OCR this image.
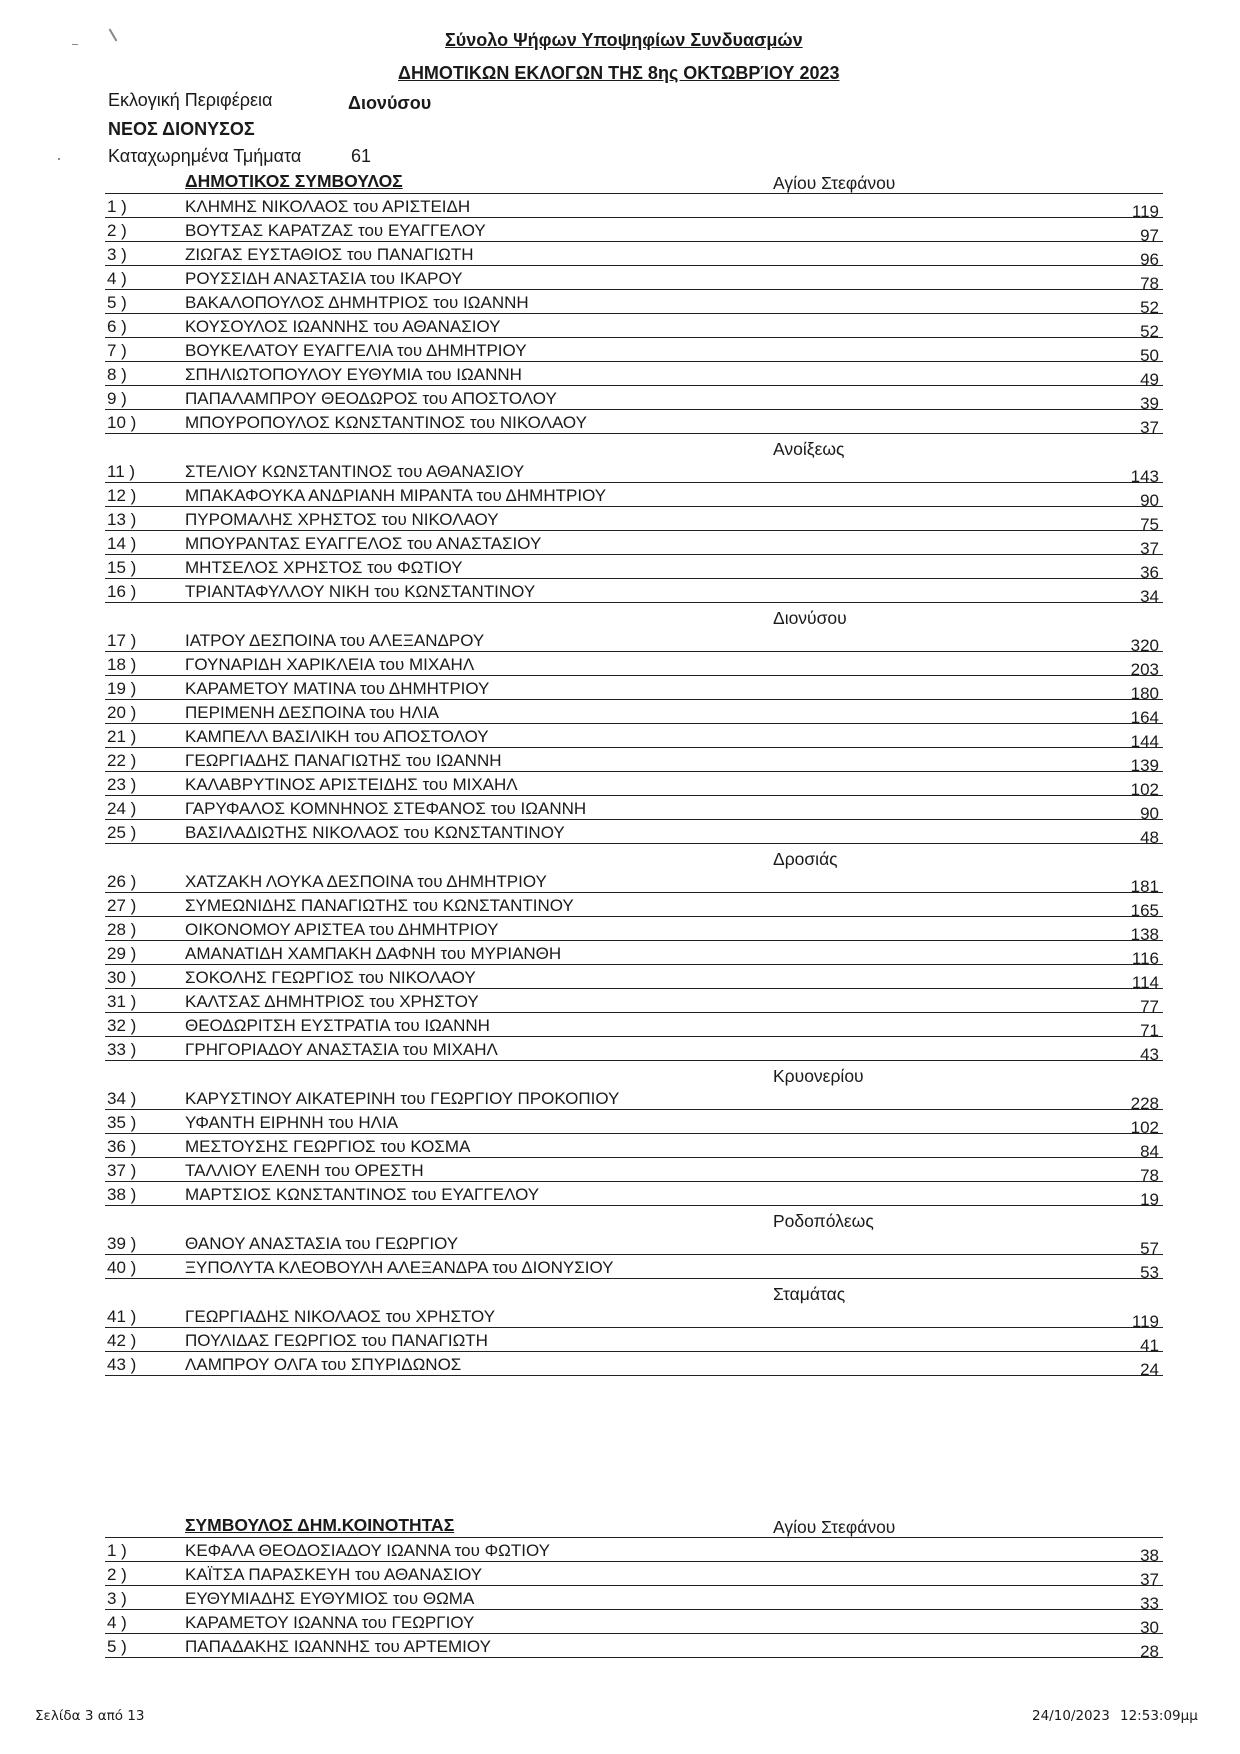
Σύνολο Ψήφων Υποψηφίων Συνδυασμών
ΔΗΜΟΤΙΚΩΝ ΕΚΛΟΓΩΝ ΤΗΣ 8ης ΟΚΤΩΒΡΊΟΥ 2023
Εκλογική Περιφέρεια	Διονύσου
ΝΕΟΣ ΔΙΟΝΥΣΟΣ
Καταχωρημένα Τμήματα	61
ΔΗΜΟΤΙΚΟΣ ΣΥΜΒΟΥΛΟΣ	Αγίου Στεφάνου
1 )	ΚΛΗΜΗΣ ΝΙΚΟΛΑΟΣ του ΑΡΙΣΤΕΙΔΗ	119
2 )	ΒΟΥΤΣΑΣ ΚΑΡΑΤΖΑΣ του ΕΥΑΓΓΕΛΟΥ	97
3 )	ΖΙΩΓΑΣ ΕΥΣΤΑΘΙΟΣ του ΠΑΝΑΓΙΩΤΗ	96
4 )	ΡΟΥΣΣΙΔΗ ΑΝΑΣΤΑΣΙΑ του ΙΚΑΡΟΥ	78
5 )	ΒΑΚΑΛΟΠΟΥΛΟΣ ΔΗΜΗΤΡΙΟΣ του ΙΩΑΝΝΗ	52
6 )	ΚΟΥΣΟΥΛΟΣ ΙΩΑΝΝΗΣ του ΑΘΑΝΑΣΙΟΥ	52
7 )	ΒΟΥΚΕΛΑΤΟΥ ΕΥΑΓΓΕΛΙΑ του ΔΗΜΗΤΡΙΟΥ	50
8 )	ΣΠΗΛΙΩΤΟΠΟΥΛΟΥ ΕΥΘΥΜΙΑ του ΙΩΑΝΝΗ	49
9 )	ΠΑΠΑΛΑΜΠΡΟΥ ΘΕΟΔΩΡΟΣ του ΑΠΟΣΤΟΛΟΥ	39
10 )	ΜΠΟΥΡΟΠΟΥΛΟΣ ΚΩΝΣΤΑΝΤΙΝΟΣ του ΝΙΚΟΛΑΟΥ	37
Ανοίξεως
11 )	ΣΤΕΛΙΟΥ ΚΩΝΣΤΑΝΤΙΝΟΣ του ΑΘΑΝΑΣΙΟΥ	143
12 )	ΜΠΑΚΑΦΟΥΚΑ ΑΝΔΡΙΑΝΗ ΜΙΡΑΝΤΑ του ΔΗΜΗΤΡΙΟΥ	90
13 )	ΠΥΡΟΜΑΛΗΣ ΧΡΗΣΤΟΣ του ΝΙΚΟΛΑΟΥ	75
14 )	ΜΠΟΥΡΑΝΤΑΣ ΕΥΑΓΓΕΛΟΣ του ΑΝΑΣΤΑΣΙΟΥ	37
15 )	ΜΗΤΣΕΛΟΣ ΧΡΗΣΤΟΣ του ΦΩΤΙΟΥ	36
16 )	ΤΡΙΑΝΤΑΦΥΛΛΟΥ ΝΙΚΗ του ΚΩΝΣΤΑΝΤΙΝΟΥ	34
Διονύσου
17 )	ΙΑΤΡΟΥ ΔΕΣΠΟΙΝΑ του ΑΛΕΞΑΝΔΡΟΥ	320
18 )	ΓΟΥΝΑΡΙΔΗ ΧΑΡΙΚΛΕΙΑ του ΜΙΧΑΗΛ	203
19 )	ΚΑΡΑΜΕΤΟΥ ΜΑΤΙΝΑ του ΔΗΜΗΤΡΙΟΥ	180
20 )	ΠΕΡΙΜΕΝΗ ΔΕΣΠΟΙΝΑ του ΗΛΙΑ	164
21 )	ΚΑΜΠΕΛΛ ΒΑΣΙΛΙΚΗ του ΑΠΟΣΤΟΛΟΥ	144
22 )	ΓΕΩΡΓΙΑΔΗΣ ΠΑΝΑΓΙΩΤΗΣ του ΙΩΑΝΝΗ	139
23 )	ΚΑΛΑΒΡΥΤΙΝΟΣ ΑΡΙΣΤΕΙΔΗΣ του ΜΙΧΑΗΛ	102
24 )	ΓΑΡΥΦΑΛΟΣ ΚΟΜΝΗΝΟΣ ΣΤΕΦΑΝΟΣ του ΙΩΑΝΝΗ	90
25 )	ΒΑΣΙΛΑΔΙΩΤΗΣ ΝΙΚΟΛΑΟΣ του ΚΩΝΣΤΑΝΤΙΝΟΥ	48
Δροσιάς
26 )	ΧΑΤΖΑΚΗ ΛΟΥΚΑ ΔΕΣΠΟΙΝΑ του ΔΗΜΗΤΡΙΟΥ	181
27 )	ΣΥΜΕΩΝΙΔΗΣ ΠΑΝΑΓΙΩΤΗΣ του ΚΩΝΣΤΑΝΤΙΝΟΥ	165
28 )	ΟΙΚΟΝΟΜΟΥ ΑΡΙΣΤΕΑ του ΔΗΜΗΤΡΙΟΥ	138
29 )	ΑΜΑΝΑΤΙΔΗ ΧΑΜΠΑΚΗ ΔΑΦΝΗ του ΜΥΡΙΑΝΘΗ	116
30 )	ΣΟΚΟΛΗΣ ΓΕΩΡΓΙΟΣ του ΝΙΚΟΛΑΟΥ	114
31 )	ΚΑΛΤΣΑΣ ΔΗΜΗΤΡΙΟΣ του ΧΡΗΣΤΟΥ	77
32 )	ΘΕΟΔΩΡΙΤΣΗ ΕΥΣΤΡΑΤΙΑ του ΙΩΑΝΝΗ	71
33 )	ΓΡΗΓΟΡΙΑΔΟΥ ΑΝΑΣΤΑΣΙΑ του ΜΙΧΑΗΛ	43
Κρυονερίου
34 )	ΚΑΡΥΣΤΙΝΟΥ ΑΙΚΑΤΕΡΙΝΗ του ΓΕΩΡΓΙΟΥ ΠΡΟΚΟΠΙΟΥ	228
35 )	ΥΦΑΝΤΗ ΕΙΡΗΝΗ του ΗΛΙΑ	102
36 )	ΜΕΣΤΟΥΣΗΣ ΓΕΩΡΓΙΟΣ του ΚΟΣΜΑ	84
37 )	ΤΑΛΛΙΟΥ ΕΛΕΝΗ του ΟΡΕΣΤΗ	78
38 )	ΜΑΡΤΣΙΟΣ ΚΩΝΣΤΑΝΤΙΝΟΣ του ΕΥΑΓΓΕΛΟΥ	19
Ροδοπόλεως
39 )	ΘΑΝΟΥ ΑΝΑΣΤΑΣΙΑ του ΓΕΩΡΓΙΟΥ	57
40 )	ΞΥΠΟΛΥΤΑ ΚΛΕΟΒΟΥΛΗ ΑΛΕΞΑΝΔΡΑ του ΔΙΟΝΥΣΙΟΥ	53
Σταμάτας
41 )	ΓΕΩΡΓΙΑΔΗΣ ΝΙΚΟΛΑΟΣ του ΧΡΗΣΤΟΥ	119
42 )	ΠΟΥΛΙΔΑΣ ΓΕΩΡΓΙΟΣ του ΠΑΝΑΓΙΩΤΗ	41
43 )	ΛΑΜΠΡΟΥ ΟΛΓΑ του ΣΠΥΡΙΔΩΝΟΣ	24
ΣΥΜΒΟΥΛΟΣ ΔΗΜ.ΚΟΙΝΟΤΗΤΑΣ	Αγίου Στεφάνου
1 )	ΚΕΦΑΛΑ ΘΕΟΔΟΣΙΑΔΟΥ ΙΩΑΝΝΑ του ΦΩΤΙΟΥ	38
2 )	ΚΑΪΤΣΑ ΠΑΡΑΣΚΕΥΗ του ΑΘΑΝΑΣΙΟΥ	37
3 )	ΕΥΘΥΜΙΑΔΗΣ ΕΥΘΥΜΙΟΣ του ΘΩΜΑ	33
4 )	ΚΑΡΑΜΕΤΟΥ ΙΩΑΝΝΑ του ΓΕΩΡΓΙΟΥ	30
5 )	ΠΑΠΑΔΑΚΗΣ ΙΩΑΝΝΗΣ του ΑΡΤΕΜΙΟΥ	28
Σελίδα 3 από 13	24/10/2023 12:53:09μμ
